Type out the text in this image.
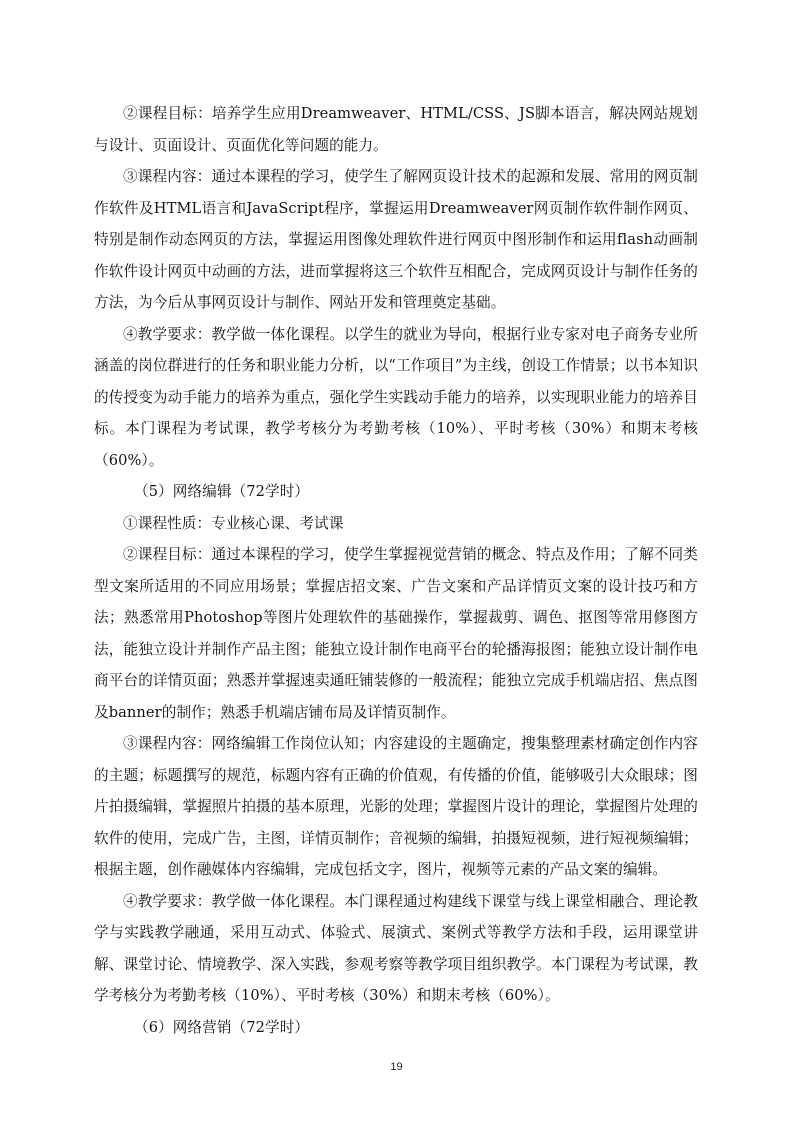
②课程目标：培养学生应用Dreamweaver、HTML/CSS、JS脚本语言，解决网站规划与设计、页面设计、页面优化等问题的能力。

③课程内容：通过本课程的学习，使学生了解网页设计技术的起源和发展、常用的网页制作软件及HTML语言和JavaScript程序，掌握运用Dreamweaver网页制作软件制作网页、特别是制作动态网页的方法，掌握运用图像处理软件进行网页中图形制作和运用flash动画制作软件设计网页中动画的方法，进而掌握将这三个软件互相配合，完成网页设计与制作任务的方法，为今后从事网页设计与制作、网站开发和管理奠定基础。

④教学要求：教学做一体化课程。以学生的就业为导向，根据行业专家对电子商务专业所涵盖的岗位群进行的任务和职业能力分析，以“工作项目”为主线，创设工作情景；以书本知识的传授变为动手能力的培养为重点，强化学生实践动手能力的培养，以实现职业能力的培养目标。本门课程为考试课，教学考核分为考勤考核（10%）、平时考核（30%）和期末考核（60%）。

（5）网络编辑（72学时）

①课程性质：专业核心课、考试课

②课程目标：通过本课程的学习，使学生掌握视觉营销的概念、特点及作用；了解不同类型文案所适用的不同应用场景；掌握店招文案、广告文案和产品详情页文案的设计技巧和方法；熟悉常用Photoshop等图片处理软件的基础操作，掌握裁剪、调色、抠图等常用修图方法，能独立设计并制作产品主图；能独立设计制作电商平台的轮播海报图；能独立设计制作电商平台的详情页面；熟悉并掌握速卖通旺铺装修的一般流程；能独立完成手机端店招、焦点图及banner的制作；熟悉手机端店铺布局及详情页制作。

③课程内容：网络编辑工作岗位认知；内容建设的主题确定，搜集整理素材确定创作内容的主题；标题撰写的规范，标题内容有正确的价值观，有传播的价值，能够吸引大众眼球；图片拍摄编辑，掌握照片拍摄的基本原理，光影的处理；掌握图片设计的理论，掌握图片处理的软件的使用，完成广告，主图，详情页制作；音视频的编辑，拍摄短视频，进行短视频编辑；根据主题，创作融媒体内容编辑，完成包括文字，图片，视频等元素的产品文案的编辑。

④教学要求：教学做一体化课程。本门课程通过构建线下课堂与线上课堂相融合、理论教学与实践教学融通，采用互动式、体验式、展演式、案例式等教学方法和手段，运用课堂讲解、课堂讨论、情境教学、深入实践，参观考察等教学项目组织教学。本门课程为考试课，教学考核分为考勤考核（10%）、平时考核（30%）和期末考核（60%）。

（6）网络营销（72学时）

19
